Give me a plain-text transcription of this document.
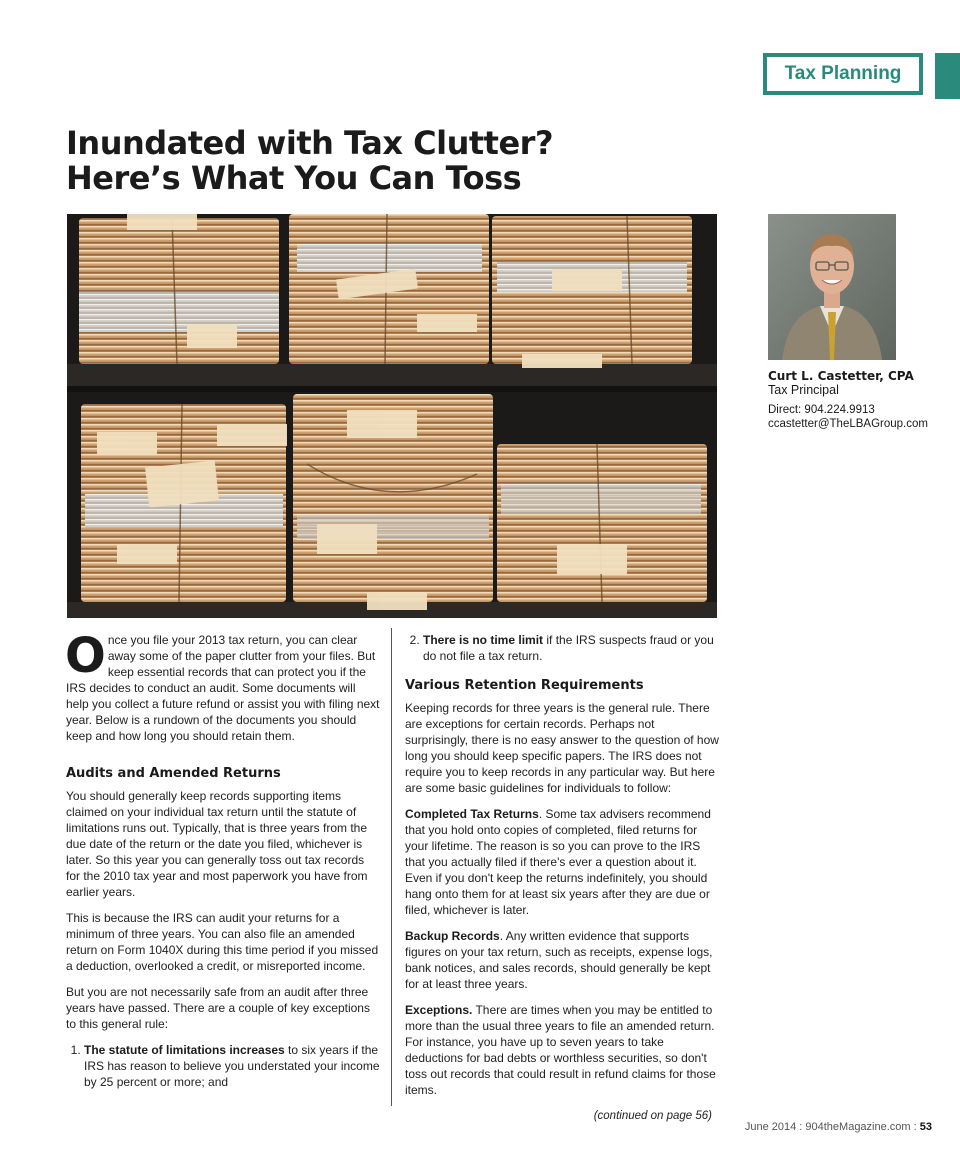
Tax Planning
Inundated with Tax Clutter?
Here’s What You Can Toss
Curt L. Castetter, CPA
Tax Principal
Direct: 904.224.9913
ccastetter@TheLBAGroup.com

Once you file your 2013 tax return, you can clear away some of the paper clutter from your files. But keep essential records that can protect you if the IRS decides to conduct an audit. Some documents will help you collect a future refund or assist you with filing next year. Below is a rundown of the documents you should keep and how long you should retain them.

Audits and Amended Returns

You should generally keep records supporting items claimed on your individual tax return until the statute of limitations runs out. Typically, that is three years from the due date of the return or the date you filed, whichever is later. So this year you can generally toss out tax records for the 2010 tax year and most paperwork you have from earlier years.

This is because the IRS can audit your returns for a minimum of three years. You can also file an amended return on Form 1040X during this time period if you missed a deduction, overlooked a credit, or misreported income.

But you are not necessarily safe from an audit after three years have passed. There are a couple of key exceptions to this general rule:

1. The statute of limitations increases to six years if the IRS has reason to believe you understated your income by 25 percent or more; and
2. There is no time limit if the IRS suspects fraud or you do not file a tax return.
Various Retention Requirements

Keeping records for three years is the general rule. There are exceptions for certain records. Perhaps not surprisingly, there is no easy answer to the question of how long you should keep specific papers. The IRS does not require you to keep records in any particular way. But here are some basic guidelines for individuals to follow:

Completed Tax Returns. Some tax advisers recommend that you hold onto copies of completed, filed returns for your lifetime. The reason is so you can prove to the IRS that you actually filed if there's ever a question about it. Even if you don't keep the returns indefinitely, you should hang onto them for at least six years after they are due or filed, whichever is later.

Backup Records. Any written evidence that supports figures on your tax return, such as receipts, expense logs, bank notices, and sales records, should generally be kept for at least three years.

Exceptions. There are times when you may be entitled to more than the usual three years to file an amended return. For instance, you have up to seven years to take deductions for bad debts or worthless securities, so don't toss out records that could result in refund claims for those items.

(continued on page 56)
June 2014 : 904theMagazine.com : 53
